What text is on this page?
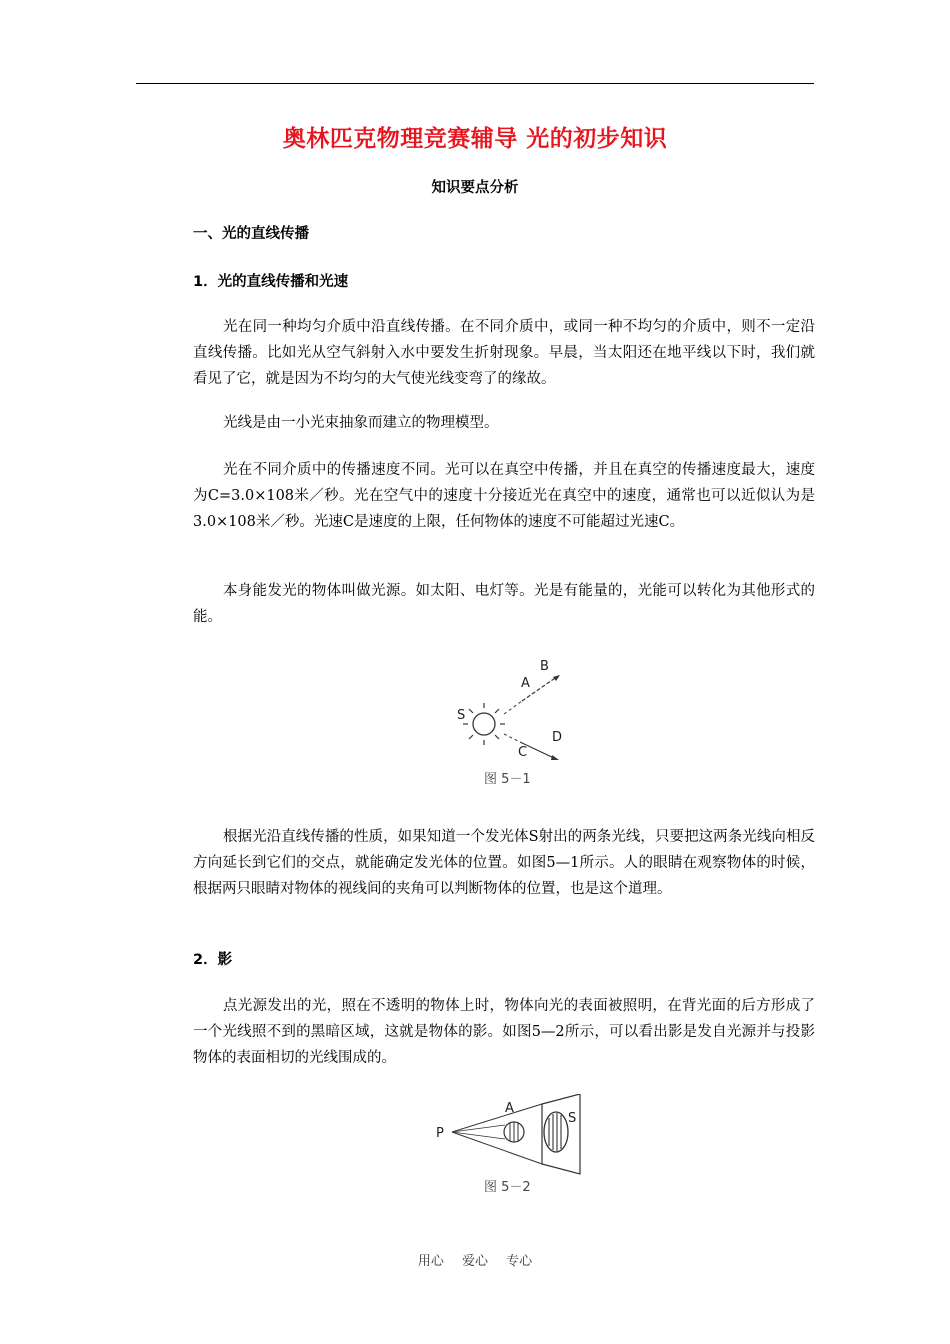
奥林匹克物理竞赛辅导 光的初步知识
知识要点分析
一、光的直线传播
1．光的直线传播和光速

光在同一种均匀介质中沿直线传播。在不同介质中，或同一种不均匀的介质中，则不一定沿直线传播。比如光从空气斜射入水中要发生折射现象。早晨，当太阳还在地平线以下时，我们就看见了它，就是因为不均匀的大气使光线变弯了的缘故。

光线是由一小光束抽象而建立的物理模型。

光在不同介质中的传播速度不同。光可以在真空中传播，并且在真空的传播速度最大，速度为C=3.0×108米／秒。光在空气中的速度十分接近光在真空中的速度，通常也可以近似认为是3.0×108米／秒。光速C是速度的上限，任何物体的速度不可能超过光速C。

本身能发光的物体叫做光源。如太阳、电灯等。光是有能量的，光能可以转化为其他形式的能。

S
A
B
C
D
图 5－1

根据光沿直线传播的性质，如果知道一个发光体S射出的两条光线，只要把这两条光线向相反方向延长到它们的交点，就能确定发光体的位置。如图5—1所示。人的眼睛在观察物体的时候，根据两只眼睛对物体的视线间的夹角可以判断物体的位置，也是这个道理。

2．影

点光源发出的光，照在不透明的物体上时，物体向光的表面被照明，在背光面的后方形成了一个光线照不到的黑暗区域，这就是物体的影。如图5—2所示，可以看出影是发自光源并与投影物体的表面相切的光线围成的。

P
A
S
图 5－2
用心 爱心 专心
